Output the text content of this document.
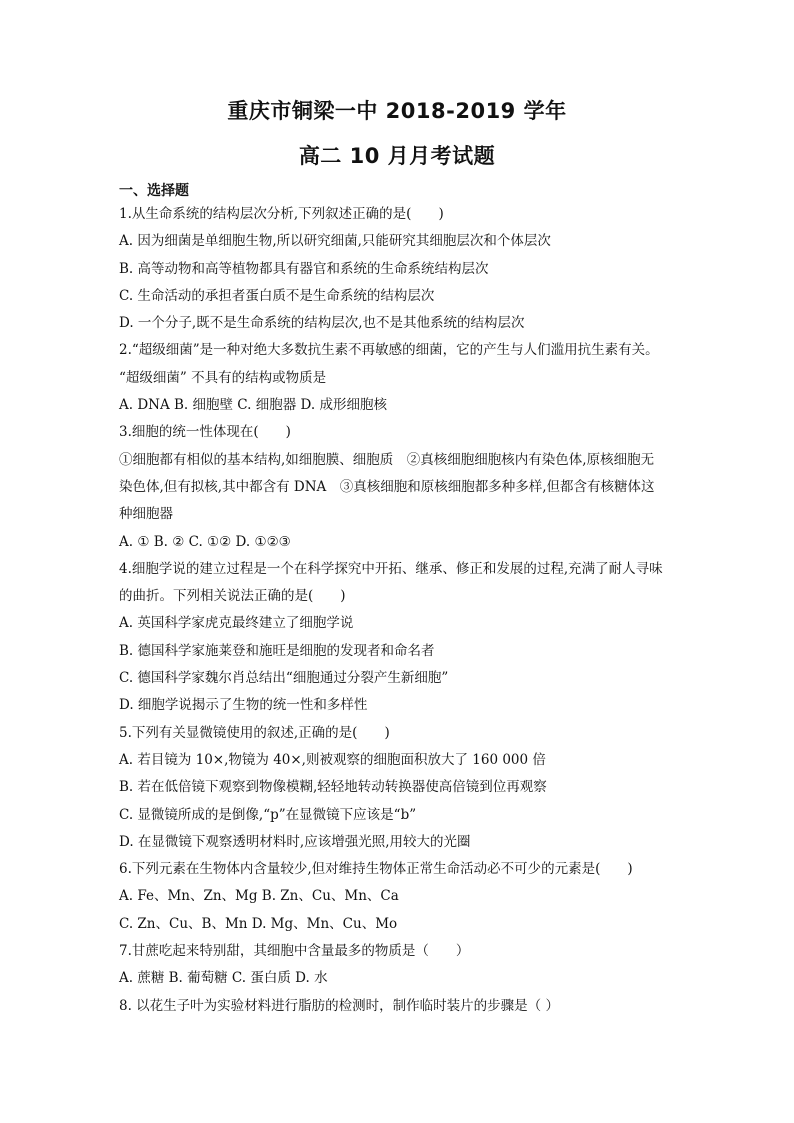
重庆市铜梁一中 2018-2019 学年
高二 10 月月考试题
一、选择题
1.从生命系统的结构层次分析,下列叙述正确的是(　　)
A. 因为细菌是单细胞生物,所以研究细菌,只能研究其细胞层次和个体层次
B. 高等动物和高等植物都具有器官和系统的生命系统结构层次
C. 生命活动的承担者蛋白质不是生命系统的结构层次
D. 一个分子,既不是生命系统的结构层次,也不是其他系统的结构层次
2.“超级细菌”是一种对绝大多数抗生素不再敏感的细菌，它的产生与人们滥用抗生素有关。
“超级细菌” 不具有的结构或物质是
A. DNA B. 细胞壁 C. 细胞器 D. 成形细胞核
3.细胞的统一性体现在(　　)
①细胞都有相似的基本结构,如细胞膜、细胞质　②真核细胞细胞核内有染色体,原核细胞无
染色体,但有拟核,其中都含有 DNA　③真核细胞和原核细胞都多种多样,但都含有核糖体这
种细胞器
A. ① B. ② C. ①② D. ①②③
4.细胞学说的建立过程是一个在科学探究中开拓、继承、修正和发展的过程,充满了耐人寻味
的曲折。下列相关说法正确的是(　　)
A. 英国科学家虎克最终建立了细胞学说
B. 德国科学家施莱登和施旺是细胞的发现者和命名者
C. 德国科学家魏尔肖总结出“细胞通过分裂产生新细胞”
D. 细胞学说揭示了生物的统一性和多样性
5.下列有关显微镜使用的叙述,正确的是(　　)
A. 若目镜为 10×,物镜为 40×,则被观察的细胞面积放大了 160 000 倍
B. 若在低倍镜下观察到物像模糊,轻轻地转动转换器使高倍镜到位再观察
C. 显微镜所成的是倒像,“p”在显微镜下应该是“b”
D. 在显微镜下观察透明材料时,应该增强光照,用较大的光圈
6.下列元素在生物体内含量较少,但对维持生物体正常生命活动必不可少的元素是(　　)
A. Fe、Mn、Zn、Mg B. Zn、Cu、Mn、Ca
C. Zn、Cu、B、Mn D. Mg、Mn、Cu、Mo
7.甘蔗吃起来特别甜，其细胞中含量最多的物质是（　　）
A. 蔗糖 B. 葡萄糖 C. 蛋白质 D. 水
8. 以花生子叶为实验材料进行脂肪的检测时，制作临时装片的步骤是（ ）
